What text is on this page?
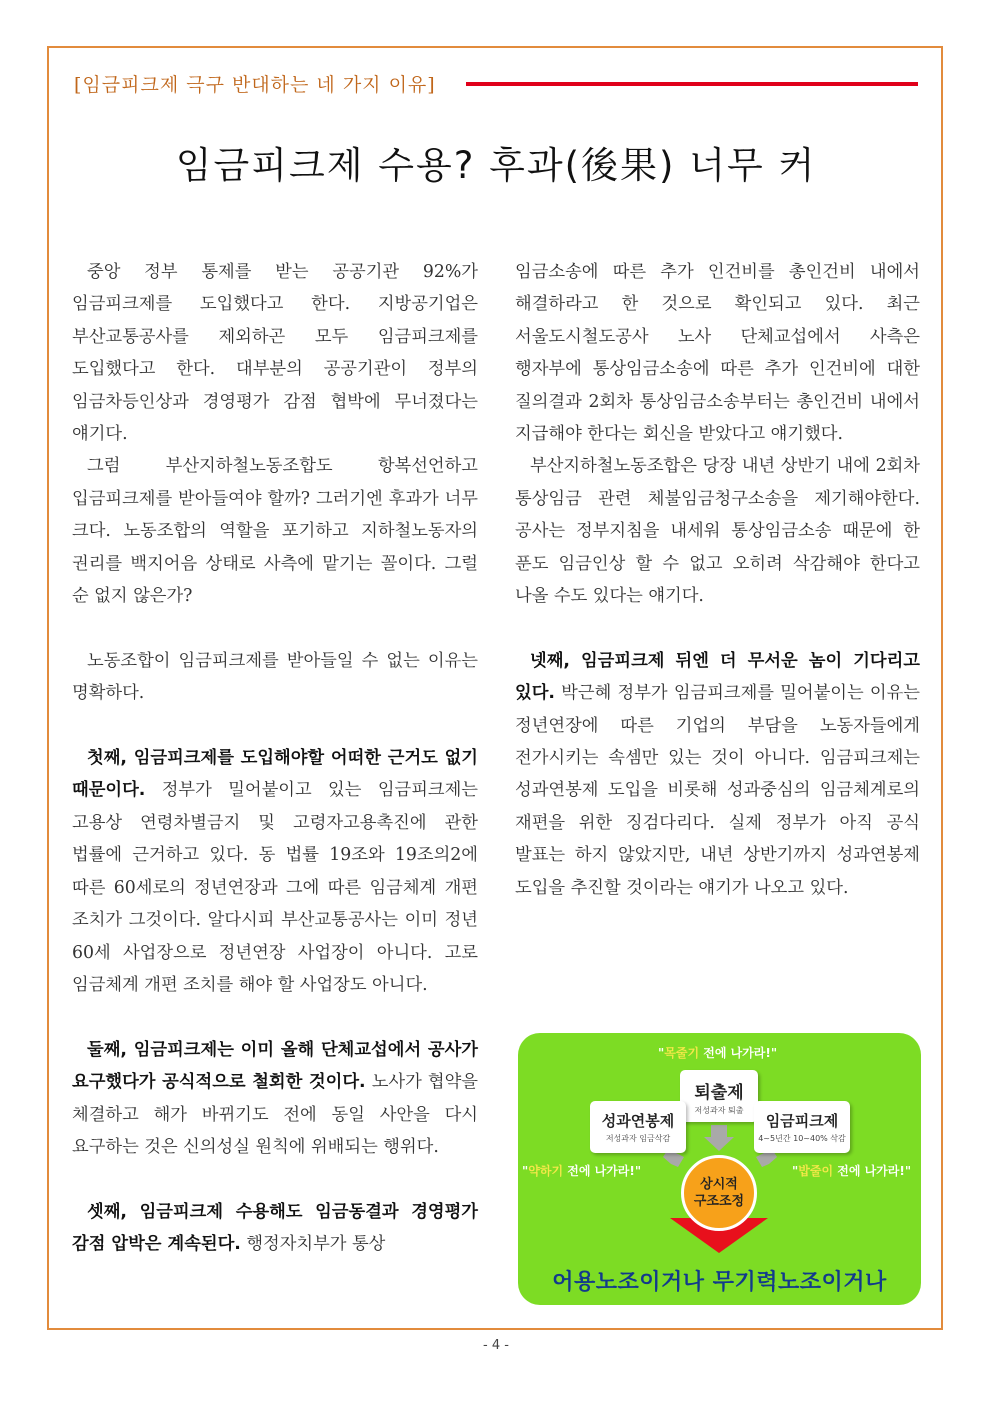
[임금피크제 극구 반대하는 네 가지 이유]
임금피크제 수용? 후과(後果) 너무 커

중앙 정부 통제를 받는 공공기관 92%가 임금피크제를 도입했다고 한다. 지방공기업은 부산교통공사를 제외하곤 모두 임금피크제를 도입했다고 한다. 대부분의 공공기관이 정부의 임금차등인상과 경영평가 감점 협박에 무너졌다는 얘기다.

그럼 부산지하철노동조합도 항복선언하고 입금피크제를 받아들여야 할까? 그러기엔 후과가 너무 크다. 노동조합의 역할을 포기하고 지하철노동자의 권리를 백지어음 상태로 사측에 맡기는 꼴이다. 그럴 순 없지 않은가?

노동조합이 임금피크제를 받아들일 수 없는 이유는 명확하다.

첫째, 임금피크제를 도입해야할 어떠한 근거도 없기 때문이다. 정부가 밀어붙이고 있는 임금피크제는 고용상 연령차별금지 및 고령자고용촉진에 관한 법률에 근거하고 있다. 동 법률 19조와 19조의2에 따른 60세로의 정년연장과 그에 따른 임금체계 개편 조치가 그것이다. 알다시피 부산교통공사는 이미 정년 60세 사업장으로 정년연장 사업장이 아니다. 고로 임금체계 개편 조치를 해야 할 사업장도 아니다.

둘째, 임금피크제는 이미 올해 단체교섭에서 공사가 요구했다가 공식적으로 철회한 것이다. 노사가 협약을 체결하고 해가 바뀌기도 전에 동일 사안을 다시 요구하는 것은 신의성실 원칙에 위배되는 행위다.

셋째, 임금피크제 수용해도 임금동결과 경영평가 감점 압박은 계속된다. 행정자치부가 통상

임금소송에 따른 추가 인건비를 총인건비 내에서 해결하라고 한 것으로 확인되고 있다. 최근 서울도시철도공사 노사 단체교섭에서 사측은 행자부에 통상임금소송에 따른 추가 인건비에 대한 질의결과 2회차 통상임금소송부터는 총인건비 내에서 지급해야 한다는 회신을 받았다고 얘기했다.

부산지하철노동조합은 당장 내년 상반기 내에 2회차 통상임금 관련 체불임금청구소송을 제기해야한다. 공사는 정부지침을 내세워 통상임금소송 때문에 한 푼도 임금인상 할 수 없고 오히려 삭감해야 한다고 나올 수도 있다는 얘기다.

넷째, 임금피크제 뒤엔 더 무서운 놈이 기다리고 있다. 박근혜 정부가 임금피크제를 밀어붙이는 이유는 정년연장에 따른 기업의 부담을 노동자들에게 전가시키는 속셈만 있는 것이 아니다. 임금피크제는 성과연봉제 도입을 비롯해 성과중심의 임금체계로의 재편을 위한 징검다리다. 실제 정부가 아직 공식 발표는 하지 않았지만, 내년 상반기까지 성과연봉제 도입을 추진할 것이라는 얘기가 나오고 있다.

"목줄기 전에 나가라!"
"약하기 전에 나가라!"	"밥줄이 전에 나가라!"
퇴출제
저성과자 퇴출
성과연봉제
저성과자 임금삭감
임금피크제
4~5년간 10~40% 삭감
상시적
구조조정
어용노조이거나 무기력노조이거나
- 4 -
